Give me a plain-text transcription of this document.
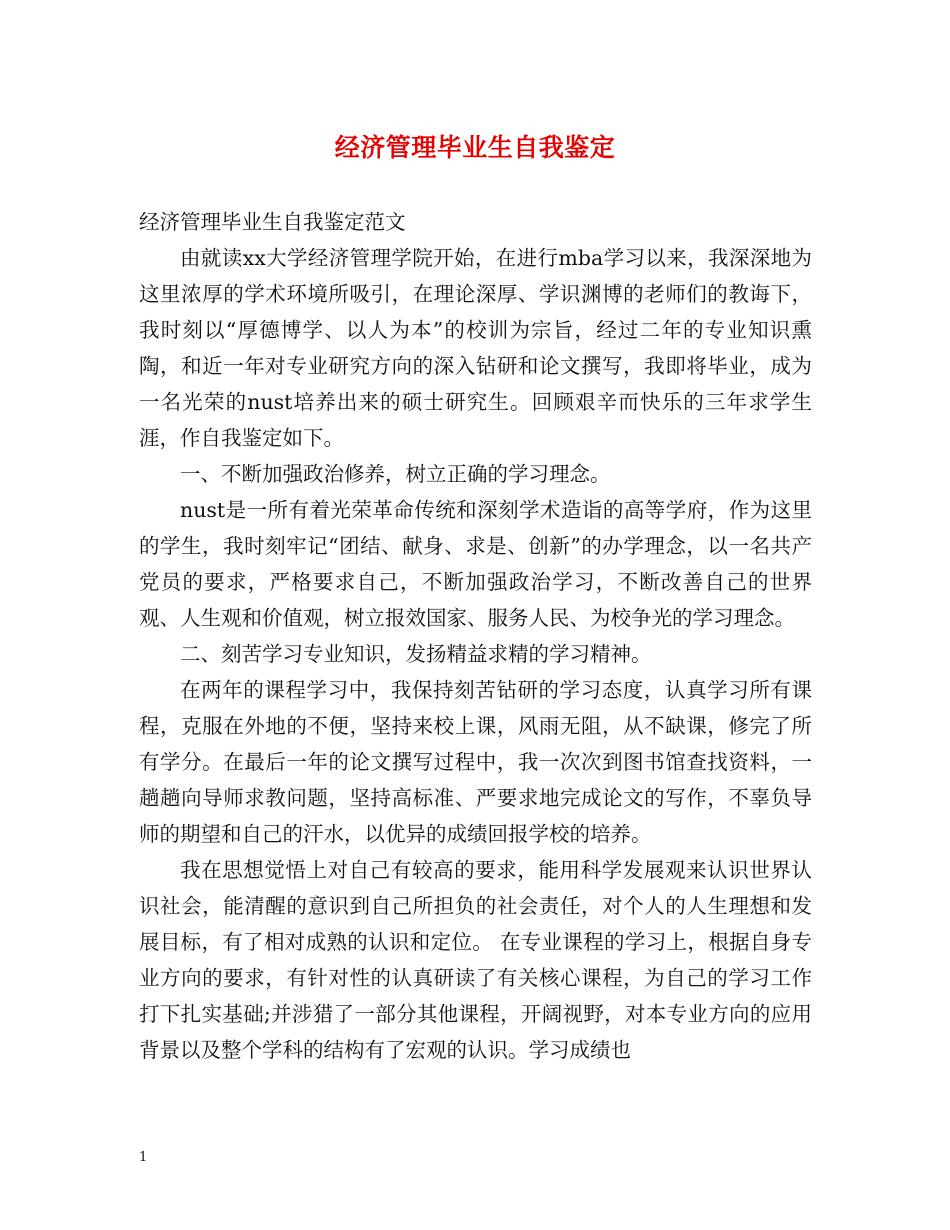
经济管理毕业生自我鉴定

经济管理毕业生自我鉴定范文

由就读xx大学经济管理学院开始，在进行mba学习以来，我深深地为这里浓厚的学术环境所吸引，在理论深厚、学识渊博的老师们的教诲下，我时刻以“厚德博学、以人为本”的校训为宗旨，经过二年的专业知识熏陶，和近一年对专业研究方向的深入钻研和论文撰写，我即将毕业，成为一名光荣的nust培养出来的硕士研究生。回顾艰辛而快乐的三年求学生涯，作自我鉴定如下。

一、不断加强政治修养，树立正确的学习理念。

nust是一所有着光荣革命传统和深刻学术造诣的高等学府，作为这里的学生，我时刻牢记“团结、献身、求是、创新”的办学理念，以一名共产党员的要求，严格要求自己，不断加强政治学习，不断改善自己的世界观、人生观和价值观，树立报效国家、服务人民、为校争光的学习理念。

二、刻苦学习专业知识，发扬精益求精的学习精神。

在两年的课程学习中，我保持刻苦钻研的学习态度，认真学习所有课程，克服在外地的不便，坚持来校上课，风雨无阻，从不缺课，修完了所有学分。在最后一年的论文撰写过程中，我一次次到图书馆查找资料，一趟趟向导师求教问题，坚持高标准、严要求地完成论文的写作，不辜负导师的期望和自己的汗水，以优异的成绩回报学校的培养。

我在思想觉悟上对自己有较高的要求，能用科学发展观来认识世界认识社会，能清醒的意识到自己所担负的社会责任，对个人的人生理想和发展目标，有了相对成熟的认识和定位。 在专业课程的学习上，根据自身专业方向的要求，有针对性的认真研读了有关核心课程，为自己的学习工作打下扎实基础;并涉猎了一部分其他课程，开阔视野，对本专业方向的应用背景以及整个学科的结构有了宏观的认识。学习成绩也

1
